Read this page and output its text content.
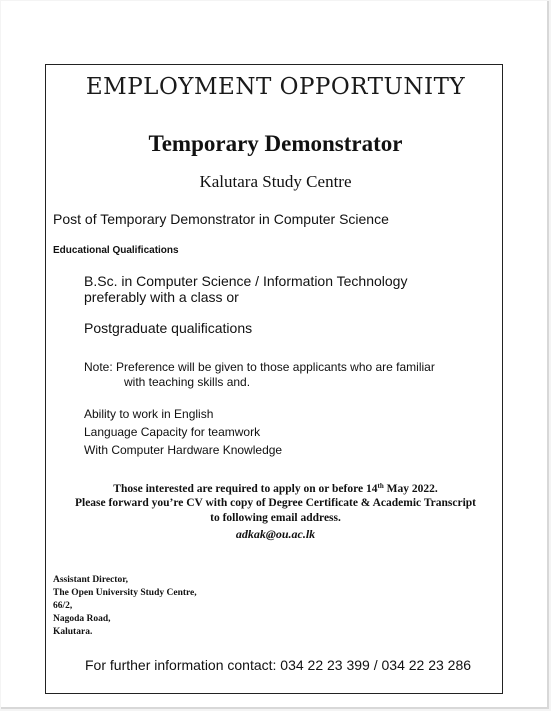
EMPLOYMENT OPPORTUNITY
Temporary Demonstrator
Kalutara Study Centre
Post of Temporary Demonstrator in Computer Science
Educational Qualifications
B.Sc. in Computer Science / Information Technology
preferably with a class or
Postgraduate qualifications
Note: Preference will be given to those applicants who are familiar
with teaching skills and.
Ability to work in English
Language Capacity for teamwork
With Computer Hardware Knowledge
Those interested are required to apply on or before 14th May 2022.
Please forward you’re CV with copy of Degree Certificate & Academic Transcript
to following email address.
adkak@ou.ac.lk
Assistant Director,
The Open University Study Centre,
66/2,
Nagoda Road,
Kalutara.
For further information contact: 034 22 23 399 / 034 22 23 286
